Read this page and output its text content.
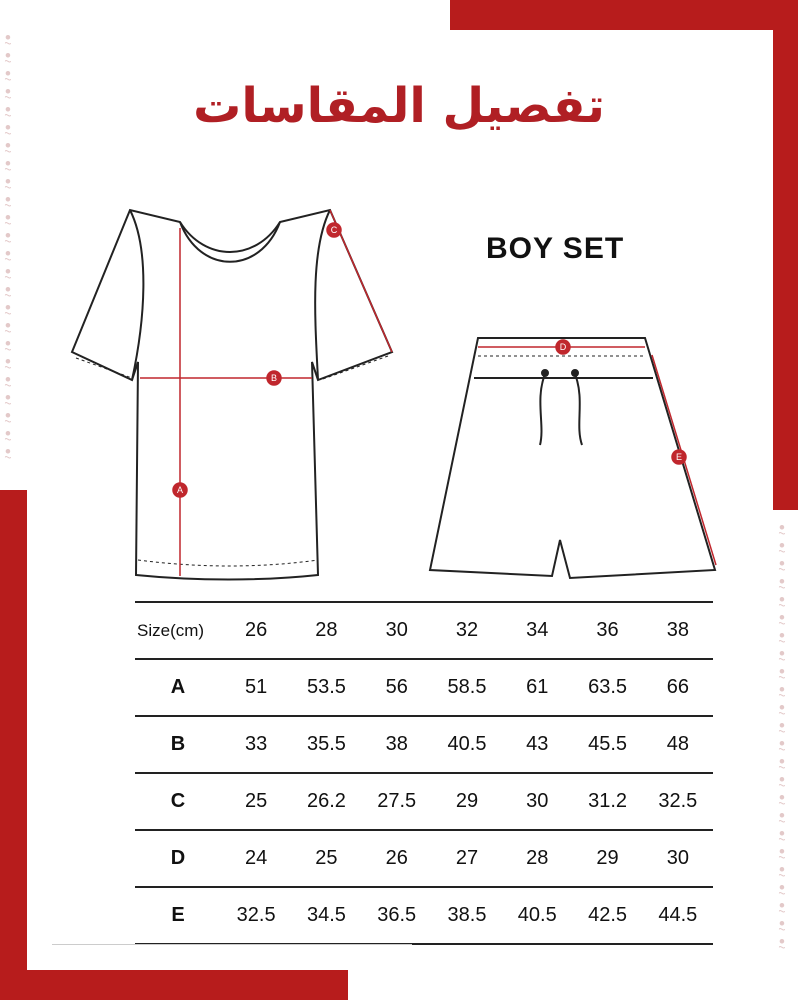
ꔸ
ꔸ
ꔸ
ꔸ
ꔸ
ꔸ
ꔸ
ꔸ
ꔸ
ꔸ
ꔸ
ꔸ
ꔸ
ꔸ
ꔸ
ꔸ
ꔸ
ꔸ
ꔸ
ꔸ
ꔸ
ꔸ
ꔸ
ꔸ
ꔸ
ꔸ
ꔸ
ꔸ
ꔸ
ꔸ
ꔸ
ꔸ
ꔸ
ꔸ
ꔸ
ꔸ
ꔸ
ꔸ
ꔸ
ꔸ
ꔸ
ꔸ
ꔸ
ꔸ
ꔸ
ꔸ
ꔸ
ꔸ
تفصيل المقاسات
BOY SET
A
B
C
D
E
Size(cm)	26	28	30	32	34	36	38
A	51	53.5	56	58.5	61	63.5	66
B	33	35.5	38	40.5	43	45.5	48
C	25	26.2	27.5	29	30	31.2	32.5
D	24	25	26	27	28	29	30
E	32.5	34.5	36.5	38.5	40.5	42.5	44.5
